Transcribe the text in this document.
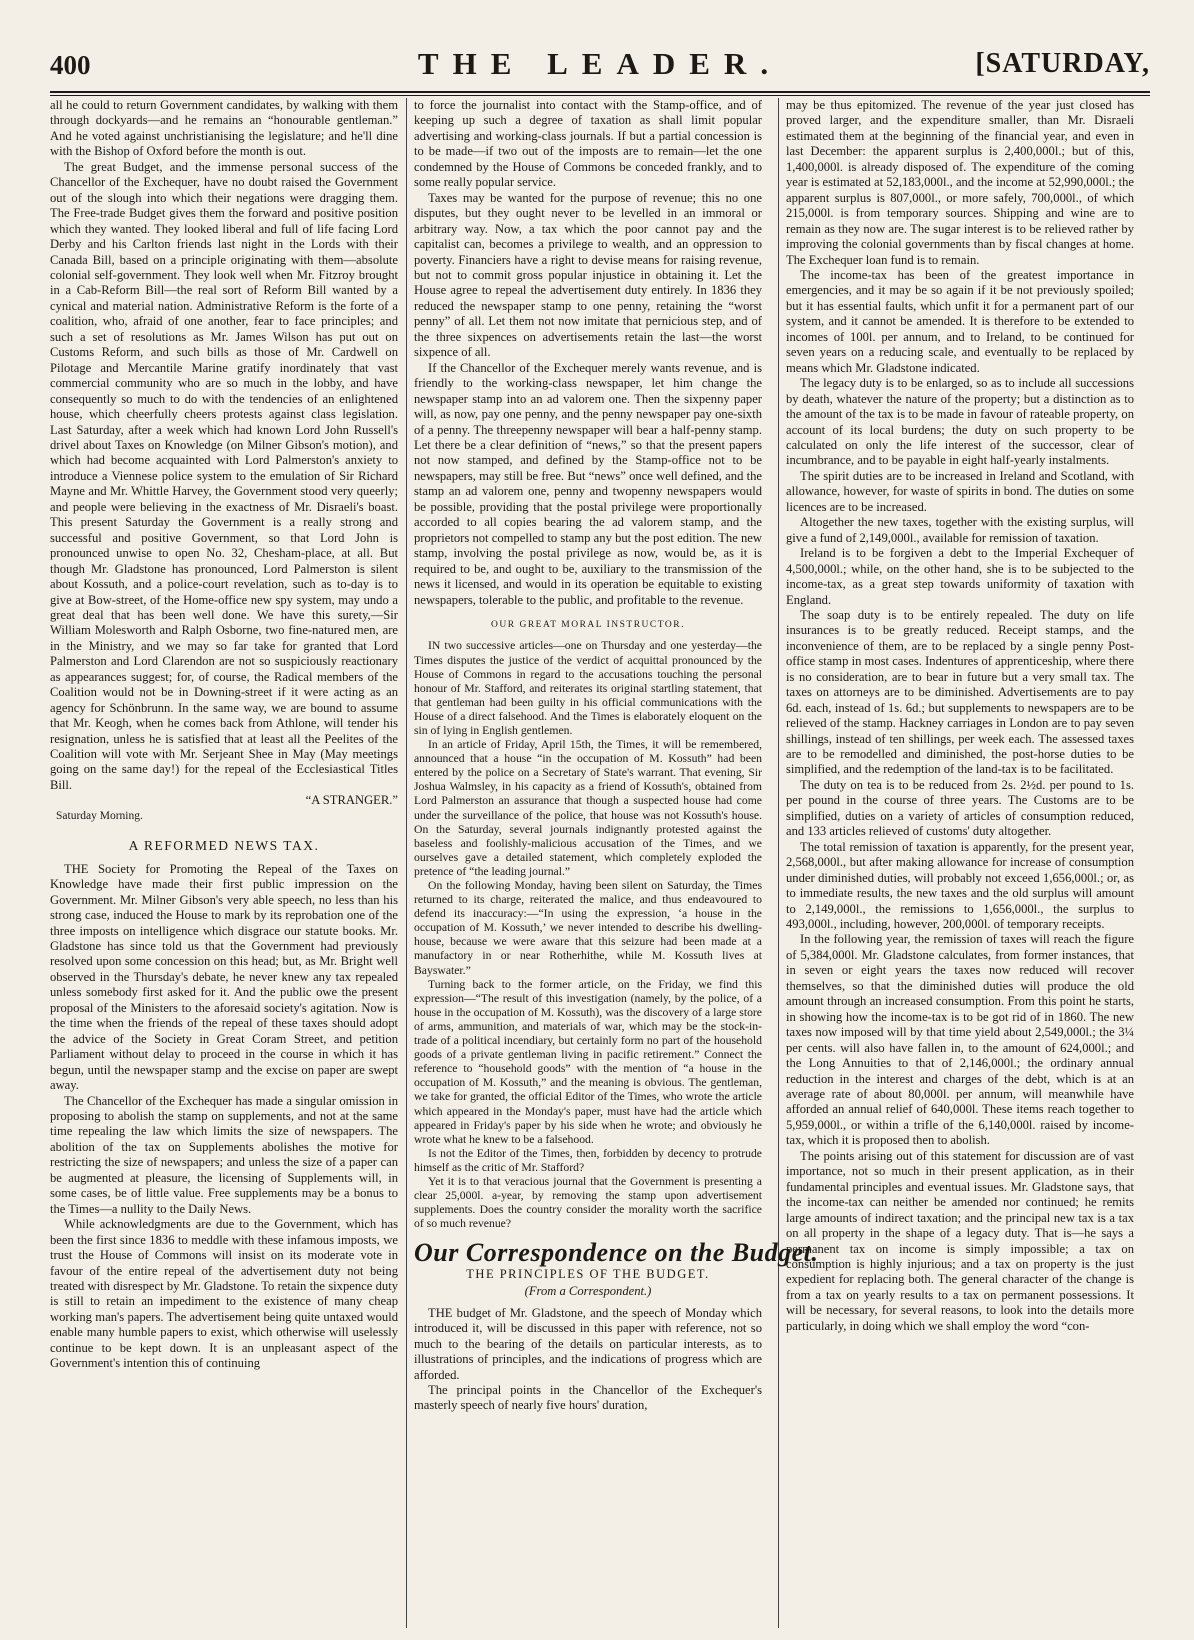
400	THE LEADER.	[SATURDAY,

all he could to return Government candidates, by walking with them through dockyards—and he remains an “honourable gentleman.” And he voted against unchristianising the legislature; and he'll dine with the Bishop of Oxford before the month is out.

The great Budget, and the immense personal success of the Chancellor of the Exchequer, have no doubt raised the Government out of the slough into which their negations were dragging them. The Free-trade Budget gives them the forward and positive position which they wanted. They looked liberal and full of life facing Lord Derby and his Carlton friends last night in the Lords with their Canada Bill, based on a principle originating with them—absolute colonial self-government. They look well when Mr. Fitzroy brought in a Cab-Reform Bill—the real sort of Reform Bill wanted by a cynical and material nation. Administrative Reform is the forte of a coalition, who, afraid of one another, fear to face principles; and such a set of resolutions as Mr. James Wilson has put out on Customs Reform, and such bills as those of Mr. Cardwell on Pilotage and Mercantile Marine gratify inordinately that vast commercial community who are so much in the lobby, and have consequently so much to do with the tendencies of an enlightened house, which cheerfully cheers protests against class legislation. Last Saturday, after a week which had known Lord John Russell's drivel about Taxes on Knowledge (on Milner Gibson's motion), and which had become acquainted with Lord Palmerston's anxiety to introduce a Viennese police system to the emulation of Sir Richard Mayne and Mr. Whittle Harvey, the Government stood very queerly; and people were believing in the exactness of Mr. Disraeli's boast. This present Saturday the Government is a really strong and successful and positive Government, so that Lord John is pronounced unwise to open No. 32, Chesham-place, at all. But though Mr. Gladstone has pronounced, Lord Palmerston is silent about Kossuth, and a police-court revelation, such as to-day is to give at Bow-street, of the Home-office new spy system, may undo a great deal that has been well done. We have this surety,—Sir William Molesworth and Ralph Osborne, two fine-natured men, are in the Ministry, and we may so far take for granted that Lord Palmerston and Lord Clarendon are not so suspiciously reactionary as appearances suggest; for, of course, the Radical members of the Coalition would not be in Downing-street if it were acting as an agency for Schönbrunn. In the same way, we are bound to assume that Mr. Keogh, when he comes back from Athlone, will tender his resignation, unless he is satisfied that at least all the Peelites of the Coalition will vote with Mr. Serjeant Shee in May (May meetings going on the same day!) for the repeal of the Ecclesiastical Titles Bill.

“A STRANGER.”

Saturday Morning.

A REFORMED NEWS TAX.

THE Society for Promoting the Repeal of the Taxes on Knowledge have made their first public impression on the Government. Mr. Milner Gibson's very able speech, no less than his strong case, induced the House to mark by its reprobation one of the three imposts on intelligence which disgrace our statute books. Mr. Gladstone has since told us that the Government had previously resolved upon some concession on this head; but, as Mr. Bright well observed in the Thursday's debate, he never knew any tax repealed unless somebody first asked for it. And the public owe the present proposal of the Ministers to the aforesaid society's agitation. Now is the time when the friends of the repeal of these taxes should adopt the advice of the Society in Great Coram Street, and petition Parliament without delay to proceed in the course in which it has begun, until the newspaper stamp and the excise on paper are swept away.

The Chancellor of the Exchequer has made a singular omission in proposing to abolish the stamp on supplements, and not at the same time repealing the law which limits the size of newspapers. The abolition of the tax on Supplements abolishes the motive for restricting the size of newspapers; and unless the size of a paper can be augmented at pleasure, the licensing of Supplements will, in some cases, be of little value. Free supplements may be a bonus to the Times—a nullity to the Daily News.

While acknowledgments are due to the Government, which has been the first since 1836 to meddle with these infamous imposts, we trust the House of Commons will insist on its moderate vote in favour of the entire repeal of the advertisement duty not being treated with disrespect by Mr. Gladstone. To retain the sixpence duty is still to retain an impediment to the existence of many cheap working man's papers. The advertisement being quite untaxed would enable many humble papers to exist, which otherwise will uselessly continue to be kept down. It is an unpleasant aspect of the Government's intention this of continuing

to force the journalist into contact with the Stamp-office, and of keeping up such a degree of taxation as shall limit popular advertising and working-class journals. If but a partial concession is to be made—if two out of the imposts are to remain—let the one condemned by the House of Commons be conceded frankly, and to some really popular service.

Taxes may be wanted for the purpose of revenue; this no one disputes, but they ought never to be levelled in an immoral or arbitrary way. Now, a tax which the poor cannot pay and the capitalist can, becomes a privilege to wealth, and an oppression to poverty. Financiers have a right to devise means for raising revenue, but not to commit gross popular injustice in obtaining it. Let the House agree to repeal the advertisement duty entirely. In 1836 they reduced the newspaper stamp to one penny, retaining the “worst penny” of all. Let them not now imitate that pernicious step, and of the three sixpences on advertisements retain the last—the worst sixpence of all.

If the Chancellor of the Exchequer merely wants revenue, and is friendly to the working-class newspaper, let him change the newspaper stamp into an ad valorem one. Then the sixpenny paper will, as now, pay one penny, and the penny newspaper pay one-sixth of a penny. The threepenny newspaper will bear a half-penny stamp. Let there be a clear definition of “news,” so that the present papers not now stamped, and defined by the Stamp-office not to be newspapers, may still be free. But “news” once well defined, and the stamp an ad valorem one, penny and twopenny newspapers would be possible, providing that the postal privilege were proportionally accorded to all copies bearing the ad valorem stamp, and the proprietors not compelled to stamp any but the post edition. The new stamp, involving the postal privilege as now, would be, as it is required to be, and ought to be, auxiliary to the transmission of the news it licensed, and would in its operation be equitable to existing newspapers, tolerable to the public, and profitable to the revenue.

OUR GREAT MORAL INSTRUCTOR.

IN two successive articles—one on Thursday and one yesterday—the Times disputes the justice of the verdict of acquittal pronounced by the House of Commons in regard to the accusations touching the personal honour of Mr. Stafford, and reiterates its original startling statement, that that gentleman had been guilty in his official communications with the House of a direct falsehood. And the Times is elaborately eloquent on the sin of lying in English gentlemen.

In an article of Friday, April 15th, the Times, it will be remembered, announced that a house “in the occupation of M. Kossuth” had been entered by the police on a Secretary of State's warrant. That evening, Sir Joshua Walmsley, in his capacity as a friend of Kossuth's, obtained from Lord Palmerston an assurance that though a suspected house had come under the surveillance of the police, that house was not Kossuth's house. On the Saturday, several journals indignantly protested against the baseless and foolishly-malicious accusation of the Times, and we ourselves gave a detailed statement, which completely exploded the pretence of “the leading journal.”

On the following Monday, having been silent on Saturday, the Times returned to its charge, reiterated the malice, and thus endeavoured to defend its inaccuracy:—“In using the expression, ‘a house in the occupation of M. Kossuth,’ we never intended to describe his dwelling-house, because we were aware that this seizure had been made at a manufactory in or near Rotherhithe, while M. Kossuth lives at Bayswater.”

Turning back to the former article, on the Friday, we find this expression—“The result of this investigation (namely, by the police, of a house in the occupation of M. Kossuth), was the discovery of a large store of arms, ammunition, and materials of war, which may be the stock-in-trade of a political incendiary, but certainly form no part of the household goods of a private gentleman living in pacific retirement.” Connect the reference to “household goods” with the mention of “a house in the occupation of M. Kossuth,” and the meaning is obvious. The gentleman, we take for granted, the official Editor of the Times, who wrote the article which appeared in the Monday's paper, must have had the article which appeared in Friday's paper by his side when he wrote; and obviously he wrote what he knew to be a falsehood.

Is not the Editor of the Times, then, forbidden by decency to protrude himself as the critic of Mr. Stafford?

Yet it is to that veracious journal that the Government is presenting a clear 25,000l. a-year, by removing the stamp upon advertisement supplements. Does the country consider the morality worth the sacrifice of so much revenue?

Our Correspondence on the Budget.
THE PRINCIPLES OF THE BUDGET.
(From a Correspondent.)

THE budget of Mr. Gladstone, and the speech of Monday which introduced it, will be discussed in this paper with reference, not so much to the bearing of the details on particular interests, as to illustrations of principles, and the indications of progress which are afforded.

The principal points in the Chancellor of the Exchequer's masterly speech of nearly five hours' duration,

may be thus epitomized. The revenue of the year just closed has proved larger, and the expenditure smaller, than Mr. Disraeli estimated them at the beginning of the financial year, and even in last December: the apparent surplus is 2,400,000l.; but of this, 1,400,000l. is already disposed of. The expenditure of the coming year is estimated at 52,183,000l., and the income at 52,990,000l.; the apparent surplus is 807,000l., or more safely, 700,000l., of which 215,000l. is from temporary sources. Shipping and wine are to remain as they now are. The sugar interest is to be relieved rather by improving the colonial governments than by fiscal changes at home. The Exchequer loan fund is to remain.

The income-tax has been of the greatest importance in emergencies, and it may be so again if it be not previously spoiled; but it has essential faults, which unfit it for a permanent part of our system, and it cannot be amended. It is therefore to be extended to incomes of 100l. per annum, and to Ireland, to be continued for seven years on a reducing scale, and eventually to be replaced by means which Mr. Gladstone indicated.

The legacy duty is to be enlarged, so as to include all successions by death, whatever the nature of the property; but a distinction as to the amount of the tax is to be made in favour of rateable property, on account of its local burdens; the duty on such property to be calculated on only the life interest of the successor, clear of incumbrance, and to be payable in eight half-yearly instalments.

The spirit duties are to be increased in Ireland and Scotland, with allowance, however, for waste of spirits in bond. The duties on some licences are to be increased.

Altogether the new taxes, together with the existing surplus, will give a fund of 2,149,000l., available for remission of taxation.

Ireland is to be forgiven a debt to the Imperial Exchequer of 4,500,000l.; while, on the other hand, she is to be subjected to the income-tax, as a great step towards uniformity of taxation with England.

The soap duty is to be entirely repealed. The duty on life insurances is to be greatly reduced. Receipt stamps, and the inconvenience of them, are to be replaced by a single penny Post-office stamp in most cases. Indentures of apprenticeship, where there is no consideration, are to bear in future but a very small tax. The taxes on attorneys are to be diminished. Advertisements are to pay 6d. each, instead of 1s. 6d.; but supplements to newspapers are to be relieved of the stamp. Hackney carriages in London are to pay seven shillings, instead of ten shillings, per week each. The assessed taxes are to be remodelled and diminished, the post-horse duties to be simplified, and the redemption of the land-tax is to be facilitated.

The duty on tea is to be reduced from 2s. 2½d. per pound to 1s. per pound in the course of three years. The Customs are to be simplified, duties on a variety of articles of consumption reduced, and 133 articles relieved of customs' duty altogether.

The total remission of taxation is apparently, for the present year, 2,568,000l., but after making allowance for increase of consumption under diminished duties, will probably not exceed 1,656,000l.; or, as to immediate results, the new taxes and the old surplus will amount to 2,149,000l., the remissions to 1,656,000l., the surplus to 493,000l., including, however, 200,000l. of temporary receipts.

In the following year, the remission of taxes will reach the figure of 5,384,000l. Mr. Gladstone calculates, from former instances, that in seven or eight years the taxes now reduced will recover themselves, so that the diminished duties will produce the old amount through an increased consumption. From this point he starts, in showing how the income-tax is to be got rid of in 1860. The new taxes now imposed will by that time yield about 2,549,000l.; the 3¼ per cents. will also have fallen in, to the amount of 624,000l.; and the Long Annuities to that of 2,146,000l.; the ordinary annual reduction in the interest and charges of the debt, which is at an average rate of about 80,000l. per annum, will meanwhile have afforded an annual relief of 640,000l. These items reach together to 5,959,000l., or within a trifle of the 6,140,000l. raised by income-tax, which it is proposed then to abolish.

The points arising out of this statement for discussion are of vast importance, not so much in their present application, as in their fundamental principles and eventual issues. Mr. Gladstone says, that the income-tax can neither be amended nor continued; he remits large amounts of indirect taxation; and the principal new tax is a tax on all property in the shape of a legacy duty. That is—he says a permanent tax on income is simply impossible; a tax on consumption is highly injurious; and a tax on property is the just expedient for replacing both. The general character of the change is from a tax on yearly results to a tax on permanent possessions. It will be necessary, for several reasons, to look into the details more particularly, in doing which we shall employ the word “con-
